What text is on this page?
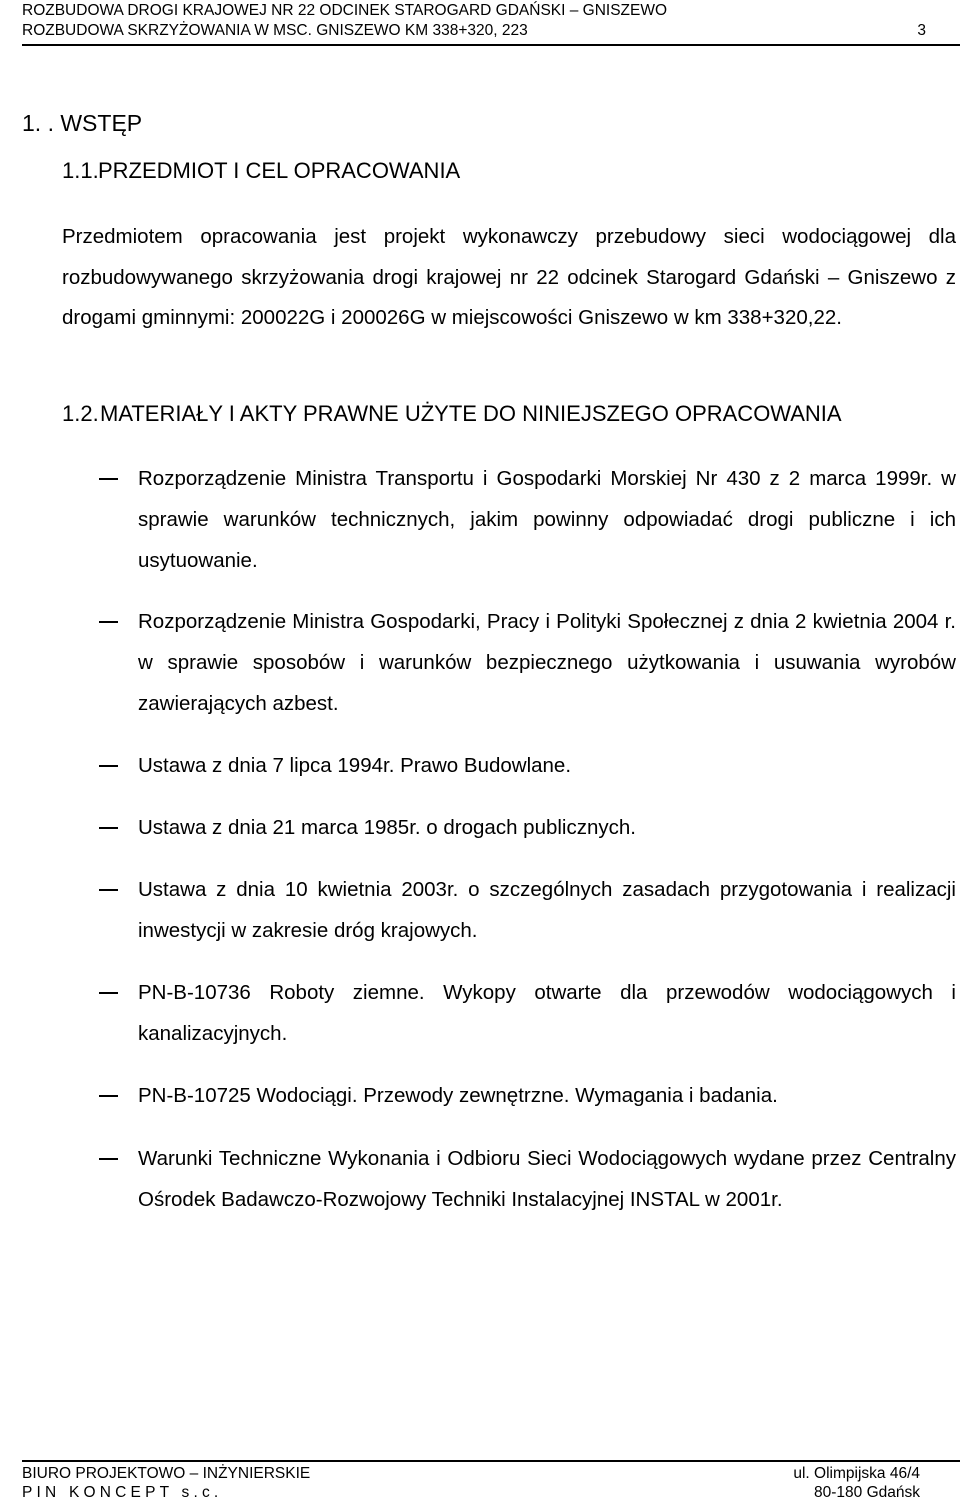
ROZBUDOWA DROGI KRAJOWEJ NR 22 ODCINEK STAROGARD GDAŃSKI – GNISZEWO
ROZBUDOWA SKRZYŻOWANIA W MSC. GNISZEWO KM 338+320, 223	3
1. . WSTĘP
1.1.PRZEDMIOT I CEL OPRACOWANIA
Przedmiotem opracowania jest projekt wykonawczy przebudowy sieci wodociągowej dla rozbudowywanego skrzyżowania drogi krajowej nr 22 odcinek Starogard Gdański – Gniszewo z drogami gminnymi: 200022G i 200026G w miejscowości Gniszewo w km 338+320,22.
1.2.MATERIAŁY I AKTY PRAWNE UŻYTE DO NINIEJSZEGO OPRACOWANIA
Rozporządzenie Ministra Transportu i Gospodarki Morskiej Nr 430 z 2 marca 1999r. w sprawie warunków technicznych, jakim powinny odpowiadać drogi publiczne i ich usytuowanie.
Rozporządzenie Ministra Gospodarki, Pracy i Polityki Społecznej z dnia 2 kwietnia 2004 r. w sprawie sposobów i warunków bezpiecznego użytkowania i usuwania wyrobów zawierających azbest.
Ustawa z dnia 7 lipca 1994r. Prawo Budowlane.
Ustawa z dnia 21 marca 1985r. o drogach publicznych.
Ustawa z dnia 10 kwietnia 2003r. o szczególnych zasadach przygotowania i realizacji inwestycji w zakresie dróg krajowych.
PN-B-10736 Roboty ziemne. Wykopy otwarte dla przewodów wodociągowych i kanalizacyjnych.
PN-B-10725 Wodociągi. Przewody zewnętrzne. Wymagania i badania.
Warunki Techniczne Wykonania i Odbioru Sieci Wodociągowych wydane przez Centralny Ośrodek Badawczo-Rozwojowy Techniki Instalacyjnej INSTAL w 2001r.
BIURO PROJEKTOWO – INŻYNIERSKIE
PIN KONCEPT s.c.
ul. Olimpijska 46/4
80-180 Gdańsk
